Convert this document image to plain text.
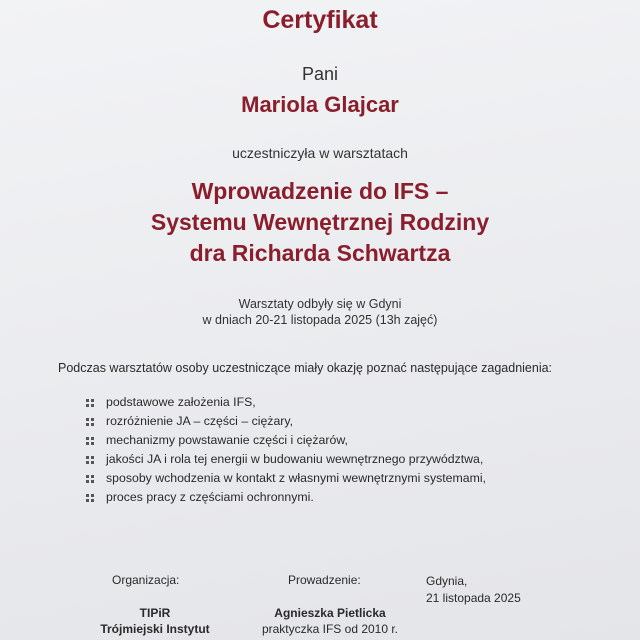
Certyfikat
Pani
Mariola Glajcar
uczestniczyła w warsztatach
Wprowadzenie do IFS –
Systemu Wewnętrznej Rodziny
dra Richarda Schwartza
Warsztaty odbyły się w Gdyni
w dniach 20-21 listopada 2025 (13h zajęć)
Podczas warsztatów osoby uczestniczące miały okazję poznać następujące zagadnienia:
podstawowe założenia IFS,
rozróżnienie JA – części – ciężary,
mechanizmy powstawanie części i ciężarów,
jakości JA i rola tej energii w budowaniu wewnętrznego przywództwa,
sposoby wchodzenia w kontakt z własnymi wewnętrznymi systemami,
proces pracy z częściami ochronnymi.
Organizacja:
TIPiR
Trójmiejski Instytut
Prowadzenie:
Agnieszka Pietlicka
praktyczka IFS od 2010 r.
Gdynia,
21 listopada 2025
